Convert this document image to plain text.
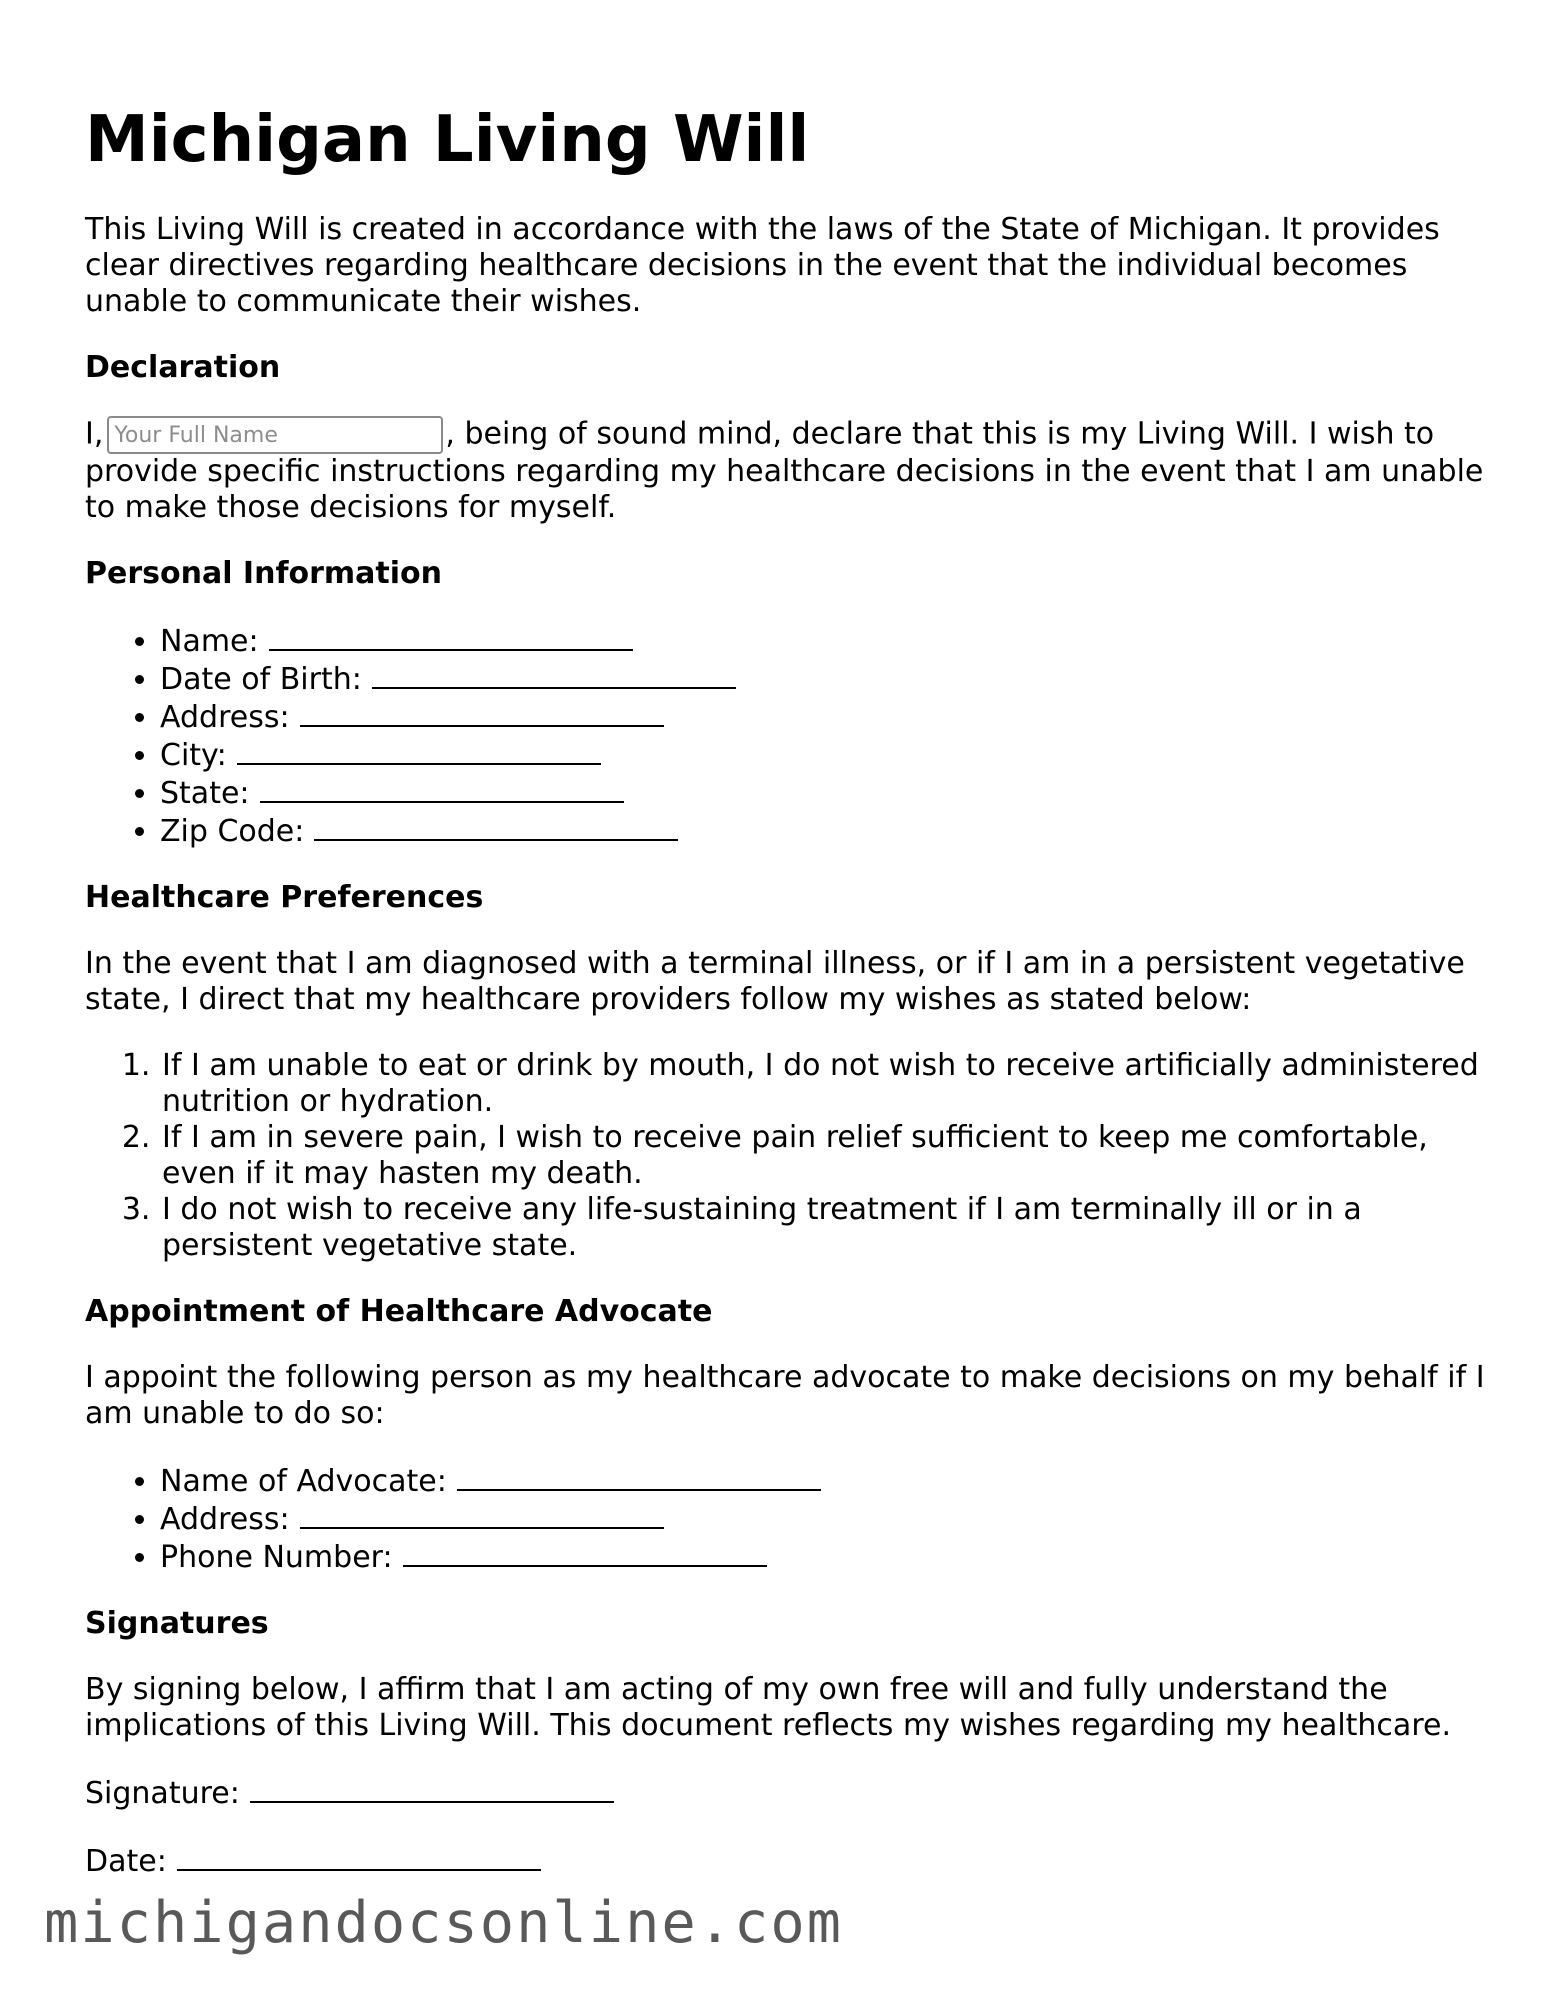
Michigan Living Will

This Living Will is created in accordance with the laws of the State of Michigan. It provides clear directives regarding healthcare decisions in the event that the individual becomes unable to communicate their wishes.

Declaration

I,Your Full Name	, being of sound mind, declare that this is my Living Will. I wish to provide specific instructions regarding my healthcare decisions in the event that I am unable to make those decisions for myself.

Personal Information
• Name:
• Date of Birth:
• Address:
• City:
• State:
• Zip Code:
Healthcare Preferences

In the event that I am diagnosed with a terminal illness, or if I am in a persistent vegetative state, I direct that my healthcare providers follow my wishes as stated below:

1. If I am unable to eat or drink by mouth, I do not wish to receive artificially administered nutrition or hydration.
2. If I am in severe pain, I wish to receive pain relief sufficient to keep me comfortable, even if it may hasten my death.
3. I do not wish to receive any life-sustaining treatment if I am terminally ill or in a persistent vegetative state.
Appointment of Healthcare Advocate

I appoint the following person as my healthcare advocate to make decisions on my behalf if I am unable to do so:

• Name of Advocate:
• Address:
• Phone Number:
Signatures

By signing below, I affirm that I am acting of my own free will and fully understand the implications of this Living Will. This document reflects my wishes regarding my healthcare.

Signature:
Date:
michigandocsonline.com
